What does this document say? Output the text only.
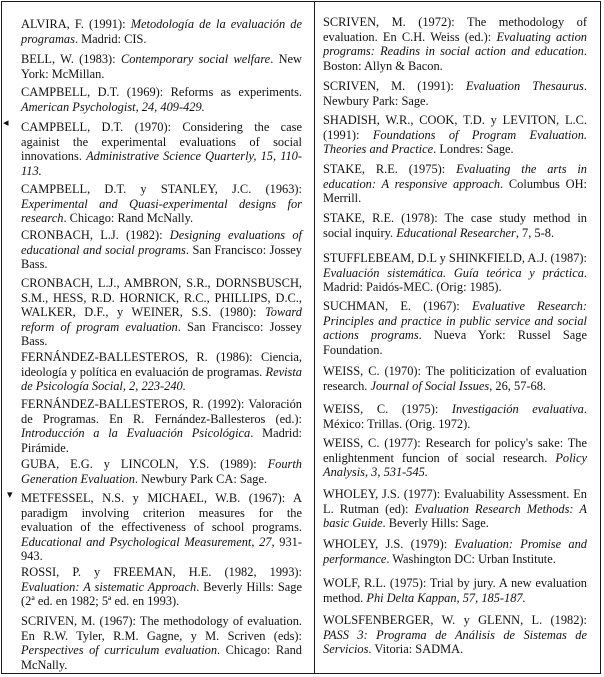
◂
▾
ALVIRA, F. (1991): Metodología de la evaluación de programas. Madrid: CIS.
BELL, W. (1983): Contemporary social welfare. New York: McMillan.
CAMPBELL, D.T. (1969): Reforms as experiments. American Psychologist, 24, 409-429.
CAMPBELL, D.T. (1970): Considering the case againist the experimental evaluations of social innovations. Administrative Science Quarterly, 15, 110-113.
CAMPBELL, D.T. y STANLEY, J.C. (1963): Experimental and Quasi-experimental designs for research. Chicago: Rand McNally.
CRONBACH, L.J. (1982): Designing evaluations of educational and social programs. San Francisco: Jossey Bass.
CRONBACH, L.J., AMBRON, S.R., DORNSBUSCH, S.M., HESS, R.D. HORNICK, R.C., PHILLIPS, D.C., WALKER, D.F., y WEINER, S.S. (1980): Toward reform of program evaluation. San Francisco: Jossey Bass.
FERNÁNDEZ-BALLESTEROS, R. (1986): Ciencia, ideología y política en evaluación de programas. Revista de Psicología Social, 2, 223-240.
FERNÁNDEZ-BALLESTEROS, R. (1992): Valoración de Programas. En R. Fernández-Ballesteros (ed.): Introducción a la Evaluación Psicológica. Madrid: Pirámide.
GUBA, E.G. y LINCOLN, Y.S. (1989): Fourth Generation Evaluation. Newbury Park CA: Sage.
METFESSEL, N.S. y MICHAEL, W.B. (1967): A paradigm involving criterion measures for the evaluation of the effectiveness of school programs. Educational and Psychological Measurement, 27, 931-943.
ROSSI, P. y FREEMAN, H.E. (1982, 1993): Evaluation: A sistematic Approach. Beverly Hills: Sage (2ª ed. en 1982; 5ª ed. en 1993).
SCRIVEN, M. (1967): The methodology of evaluation. En R.W. Tyler, R.M. Gagne, y M. Scriven (eds): Perspectives of curriculum evaluation. Chicago: Rand McNally.
SCRIVEN, M. (1972): The methodology of evaluation. En C.H. Weiss (ed.): Evaluating action programs: Readins in social action and education. Boston: Allyn & Bacon.
SCRIVEN, M. (1991): Evaluation Thesaurus. Newbury Park: Sage.
SHADISH, W.R., COOK, T.D. y LEVITON, L.C. (1991): Foundations of Program Evaluation. Theories and Practice. Londres: Sage.
STAKE, R.E. (1975): Evaluating the arts in education: A responsive approach. Columbus OH: Merrill.
STAKE, R.E. (1978): The case study method in social inquiry. Educational Researcher, 7, 5-8.
STUFFLEBEAM, D.L y SHINKFIELD, A.J. (1987): Evaluación sistemática. Guía teórica y práctica. Madrid: Paidós-MEC. (Orig: 1985).
SUCHMAN, E. (1967): Evaluative Research: Principles and practice in public service and social actions programs. Nueva York: Russel Sage Foundation.
WEISS, C. (1970): The politicization of evaluation research. Journal of Social Issues, 26, 57-68.
WEISS, C. (1975): Investigación evaluativa. México: Trillas. (Orig. 1972).
WEISS, C. (1977): Research for policy's sake: The enlightenment funcion of social research. Policy Analysis, 3, 531-545.
WHOLEY, J.S. (1977): Evaluability Assessment. En L. Rutman (ed): Evaluation Research Methods: A basic Guide. Beverly Hills: Sage.
WHOLEY, J.S. (1979): Evaluation: Promise and performance. Washington DC: Urban Institute.
WOLF, R.L. (1975): Trial by jury. A new evaluation method. Phi Delta Kappan, 57, 185-187.
WOLSFENBERGER, W. y GLENN, L. (1982): PASS 3: Programa de Análisis de Sistemas de Servicios. Vitoria: SADMA.
